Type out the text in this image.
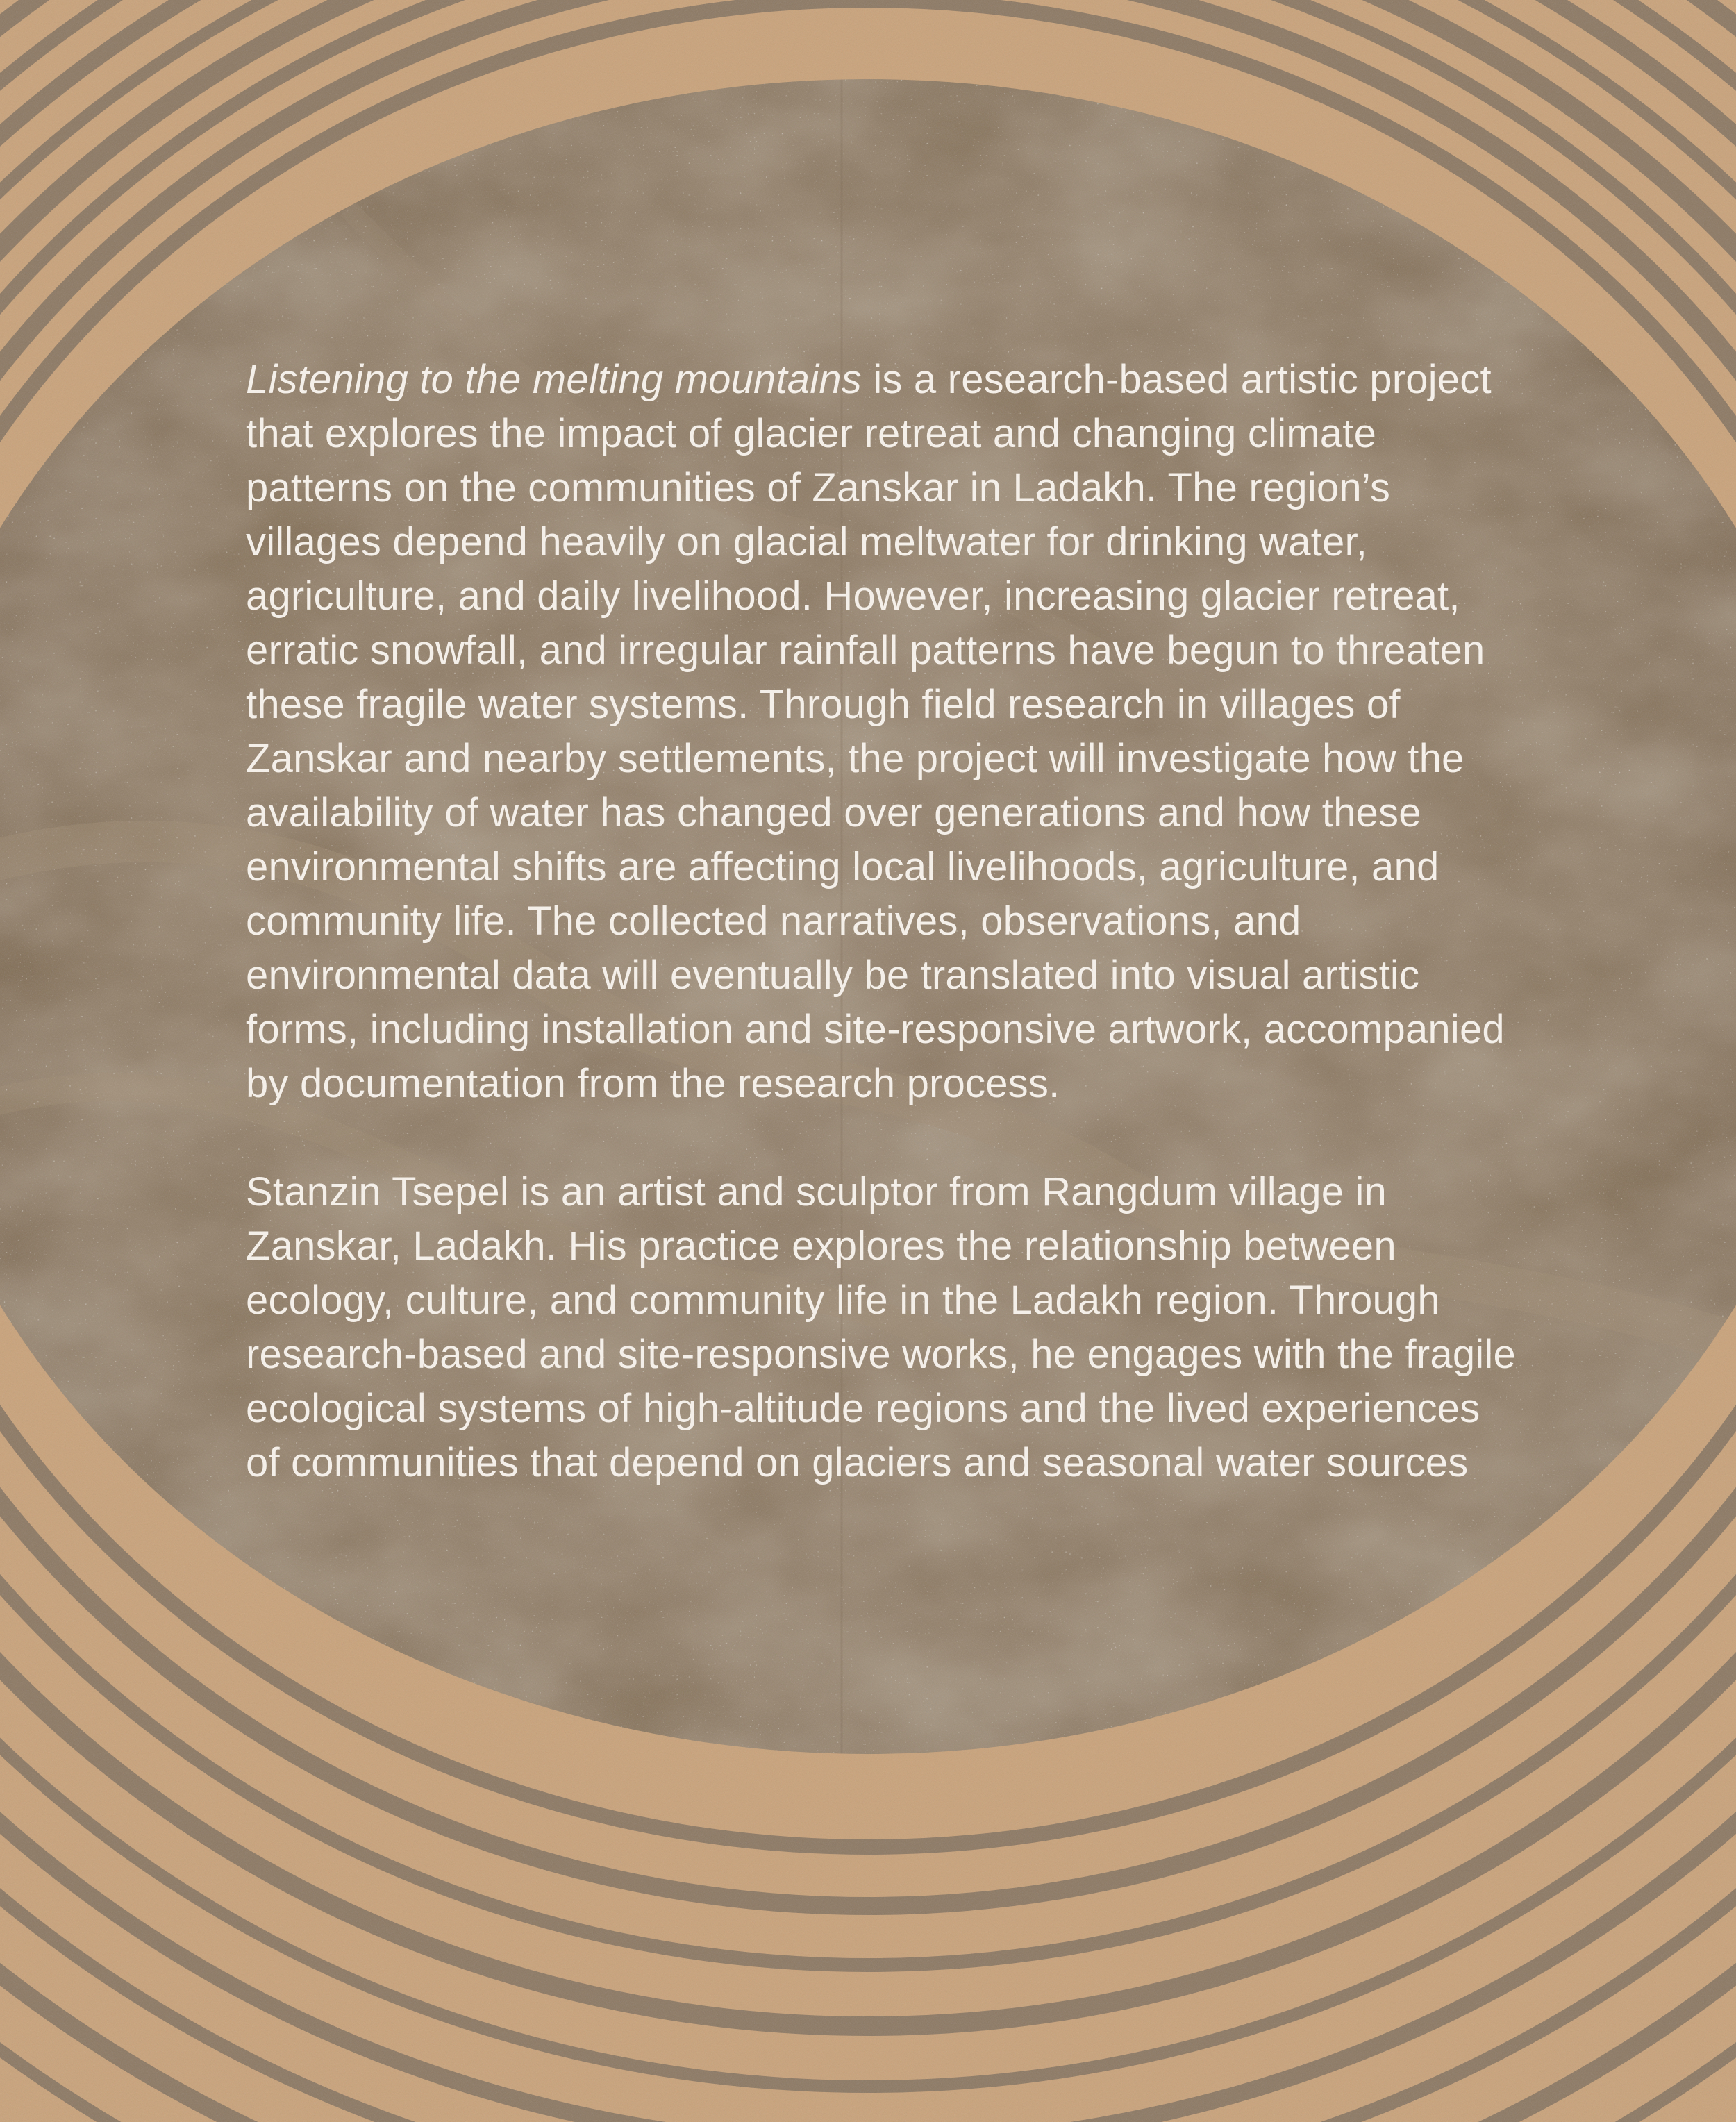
Listening to the melting mountains is a research-based artistic project that explores the impact of glacier retreat and changing climate patterns on the communities of Zanskar in Ladakh. The region’s villages depend heavily on glacial meltwater for drinking water, agriculture, and daily livelihood. However, increasing glacier retreat, erratic snowfall, and irregular rainfall patterns have begun to threaten these fragile water systems. Through field research in villages of Zanskar and nearby settlements, the project will investigate how the availability of water has changed over generations and how these environmental shifts are affecting local livelihoods, agriculture, and community life. The collected narratives, observations, and environmental data will eventually be translated into visual artistic forms, including installation and site-responsive artwork, accompanied by documentation from the research process.

Stanzin Tsepel is an artist and sculptor from Rangdum village in Zanskar, Ladakh. His practice explores the relationship between ecology, culture, and community life in the Ladakh region. Through research-based and site-responsive works, he engages with the fragile ecological systems of high-altitude regions and the lived experiences of communities that depend on glaciers and seasonal water sources
